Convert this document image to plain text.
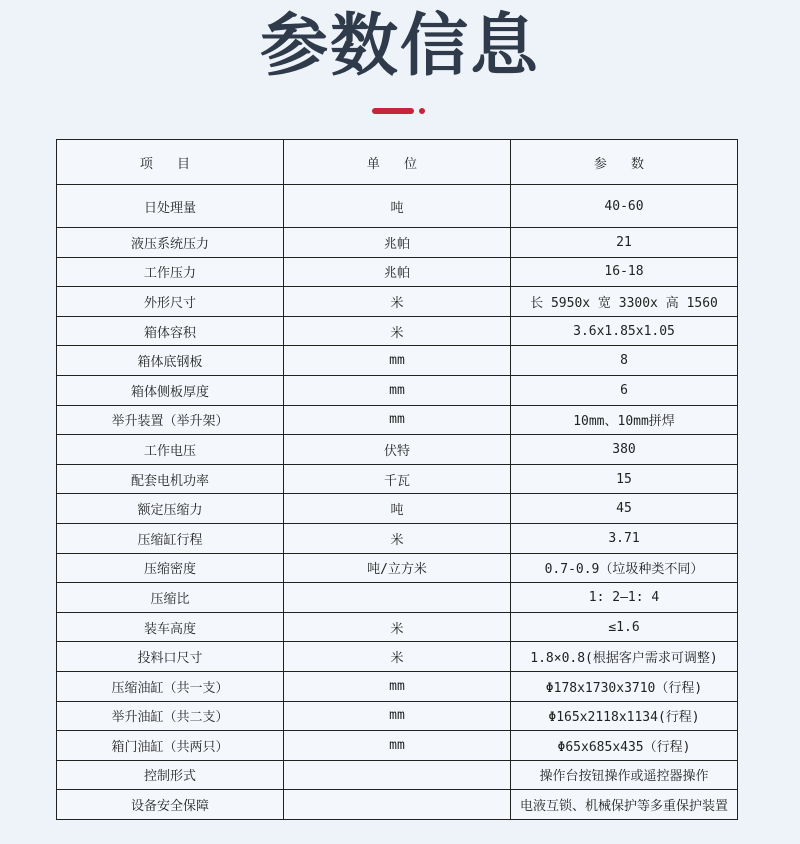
参数信息
项 目	单 位	参 数
日处理量	吨	40-60
液压系统压力	兆帕	21
工作压力	兆帕	16-18
外形尺寸	米	长 5950x 宽 3300x 高 1560
箱体容积	米	3.6x1.85x1.05
箱体底钢板	mm	8
箱体侧板厚度	mm	6
举升装置（举升架）	mm	10mm、10mm拼焊
工作电压	伏特	380
配套电机功率	千瓦	15
额定压缩力	吨	45
压缩缸行程	米	3.71
压缩密度	吨/立方米	0.7-0.9（垃圾种类不同）
压缩比		1: 2—1: 4
装车高度	米	≤1.6
投料口尺寸	米	1.8×0.8(根据客户需求可调整)
压缩油缸（共一支）	mm	Φ178x1730x3710（行程)
举升油缸（共二支）	mm	Φ165x2118x1134(行程)
箱门油缸（共两只）	mm	Φ65x685x435（行程)
控制形式		操作台按钮操作或遥控器操作
设备安全保障		电液互锁、机械保护等多重保护装置
